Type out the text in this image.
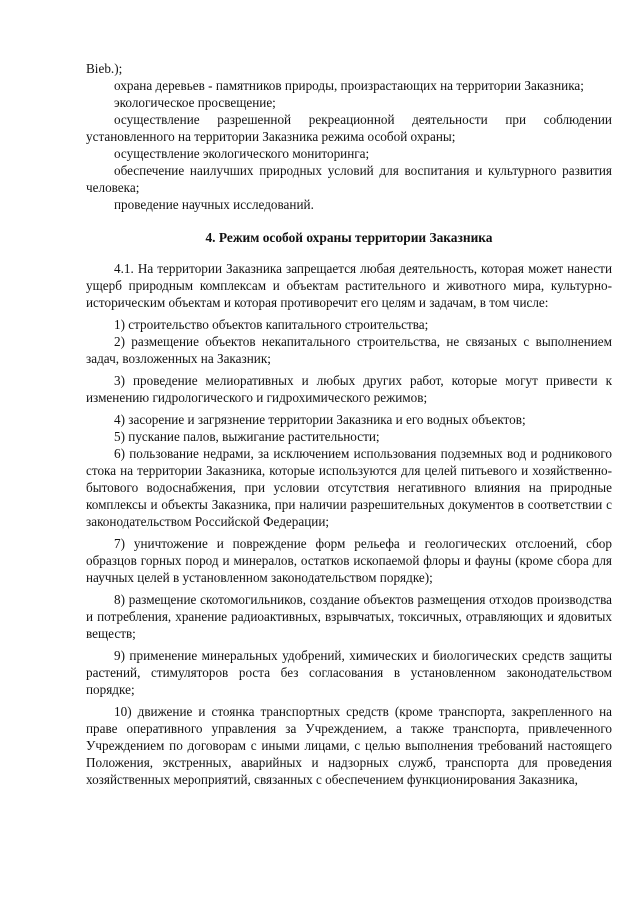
Bieb.);

охрана деревьев - памятников природы, произрастающих на территории Заказника;

экологическое просвещение;

осуществление разрешенной рекреационной деятельности при соблюдении установленного на территории Заказника режима особой охраны;

осуществление экологического мониторинга;

обеспечение наилучших природных условий для воспитания и культурного развития человека;

проведение научных исследований.

4. Режим особой охраны территории Заказника

4.1. На территории Заказника запрещается любая деятельность, которая может нанести ущерб природным комплексам и объектам растительного и животного мира, культурно-историческим объектам и которая противоречит его целям и задачам, в том числе:

1) строительство объектов капитального строительства;

2) размещение объектов некапитального строительства, не связаных с выполнением задач, возложенных на Заказник;

3) проведение мелиоративных и любых других работ, которые могут привести к изменению гидрологического и гидрохимического режимов;

4) засорение и загрязнение территории Заказника и его водных объектов;

5) пускание палов, выжигание растительности;

6) пользование недрами, за исключением использования подземных вод и родникового стока на территории Заказника, которые используются для целей питьевого и хозяйственно-бытового водоснабжения, при условии отсутствия негативного влияния на природные комплексы и объекты Заказника, при наличии разрешительных документов в соответствии с законодательством Российской Федерации;

7) уничтожение и повреждение форм рельефа и геологических отслоений, сбор образцов горных пород и минералов, остатков ископаемой флоры и фауны (кроме сбора для научных целей в установленном законодательством порядке);

8) размещение скотомогильников, создание объектов размещения отходов производства и потребления, хранение радиоактивных, взрывчатых, токсичных, отравляющих и ядовитых веществ;

9) применение минеральных удобрений, химических и биологических средств защиты растений, стимуляторов роста без согласования в установленном законодательством порядке;

10) движение и стоянка транспортных средств (кроме транспорта, закрепленного на праве оперативного управления за Учреждением, а также транспорта, привлеченного Учреждением по договорам с иными лицами, с целью выполнения требований настоящего Положения, экстренных, аварийных и надзорных служб, транспорта для проведения хозяйственных мероприятий, связанных с обеспечением функционирования Заказника,
